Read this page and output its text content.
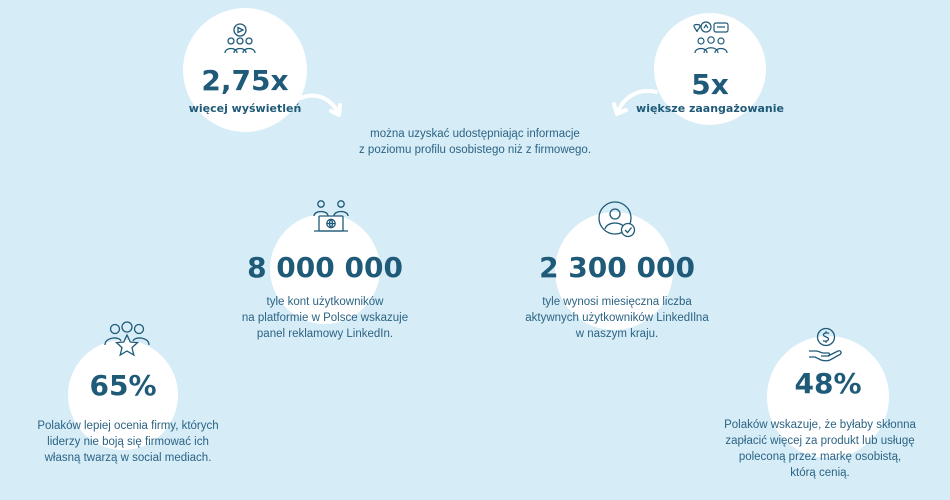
2,75x
więcej wyświetleń
5x
większe zaangażowanie
można uzyskać udostępniając informacje
z poziomu profilu osobistego niż z firmowego.
8 000 000
tyle kont użytkowników
na platformie w Polsce wskazuje
panel reklamowy LinkedIn.
2 300 000
tyle wynosi miesięczna liczba
aktywnych użytkowników LinkedIlna
w naszym kraju.
65%
Polaków lepiej ocenia firmy, których
liderzy nie boją się firmować ich
własną twarzą w social mediach.
48%
Polaków wskazuje, że byłaby skłonna
zapłacić więcej za produkt lub usługę
poleconą przez markę osobistą,
którą cenią.
